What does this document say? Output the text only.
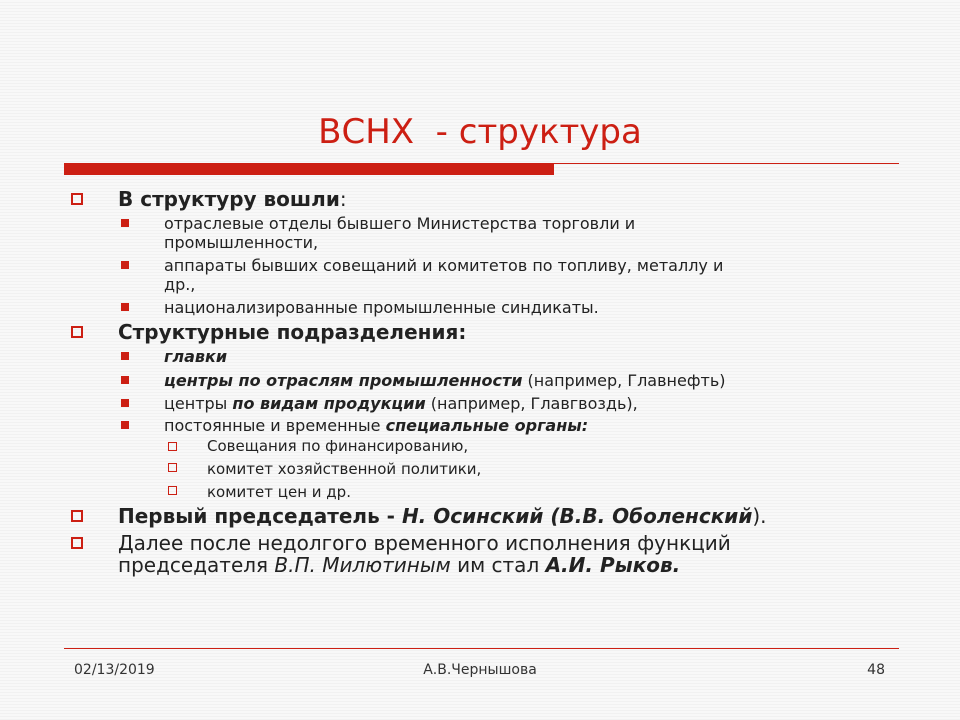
ВСНХ  - структура
В структуру вошли:
отраслевые отделы бывшего Министерства торговли и
промышленности,
аппараты бывших совещаний и комитетов по топливу, металлу и
др.,
национализированные промышленные синдикаты.
Структурные подразделения:
главки
центры по отраслям промышленности (например, Главнефть)
центры по видам продукции (например, Главгвоздь),
постоянные и временные специальные органы:
Совещания по финансированию,
комитет хозяйственной политики,
комитет цен и др.
Первый председатель - Н. Осинский (В.В. Оболенский).
Далее после недолгого временного исполнения функций
председателя В.П. Милютиным им стал А.И. Рыков.
02/13/2019	А.В.Чернышова	48
